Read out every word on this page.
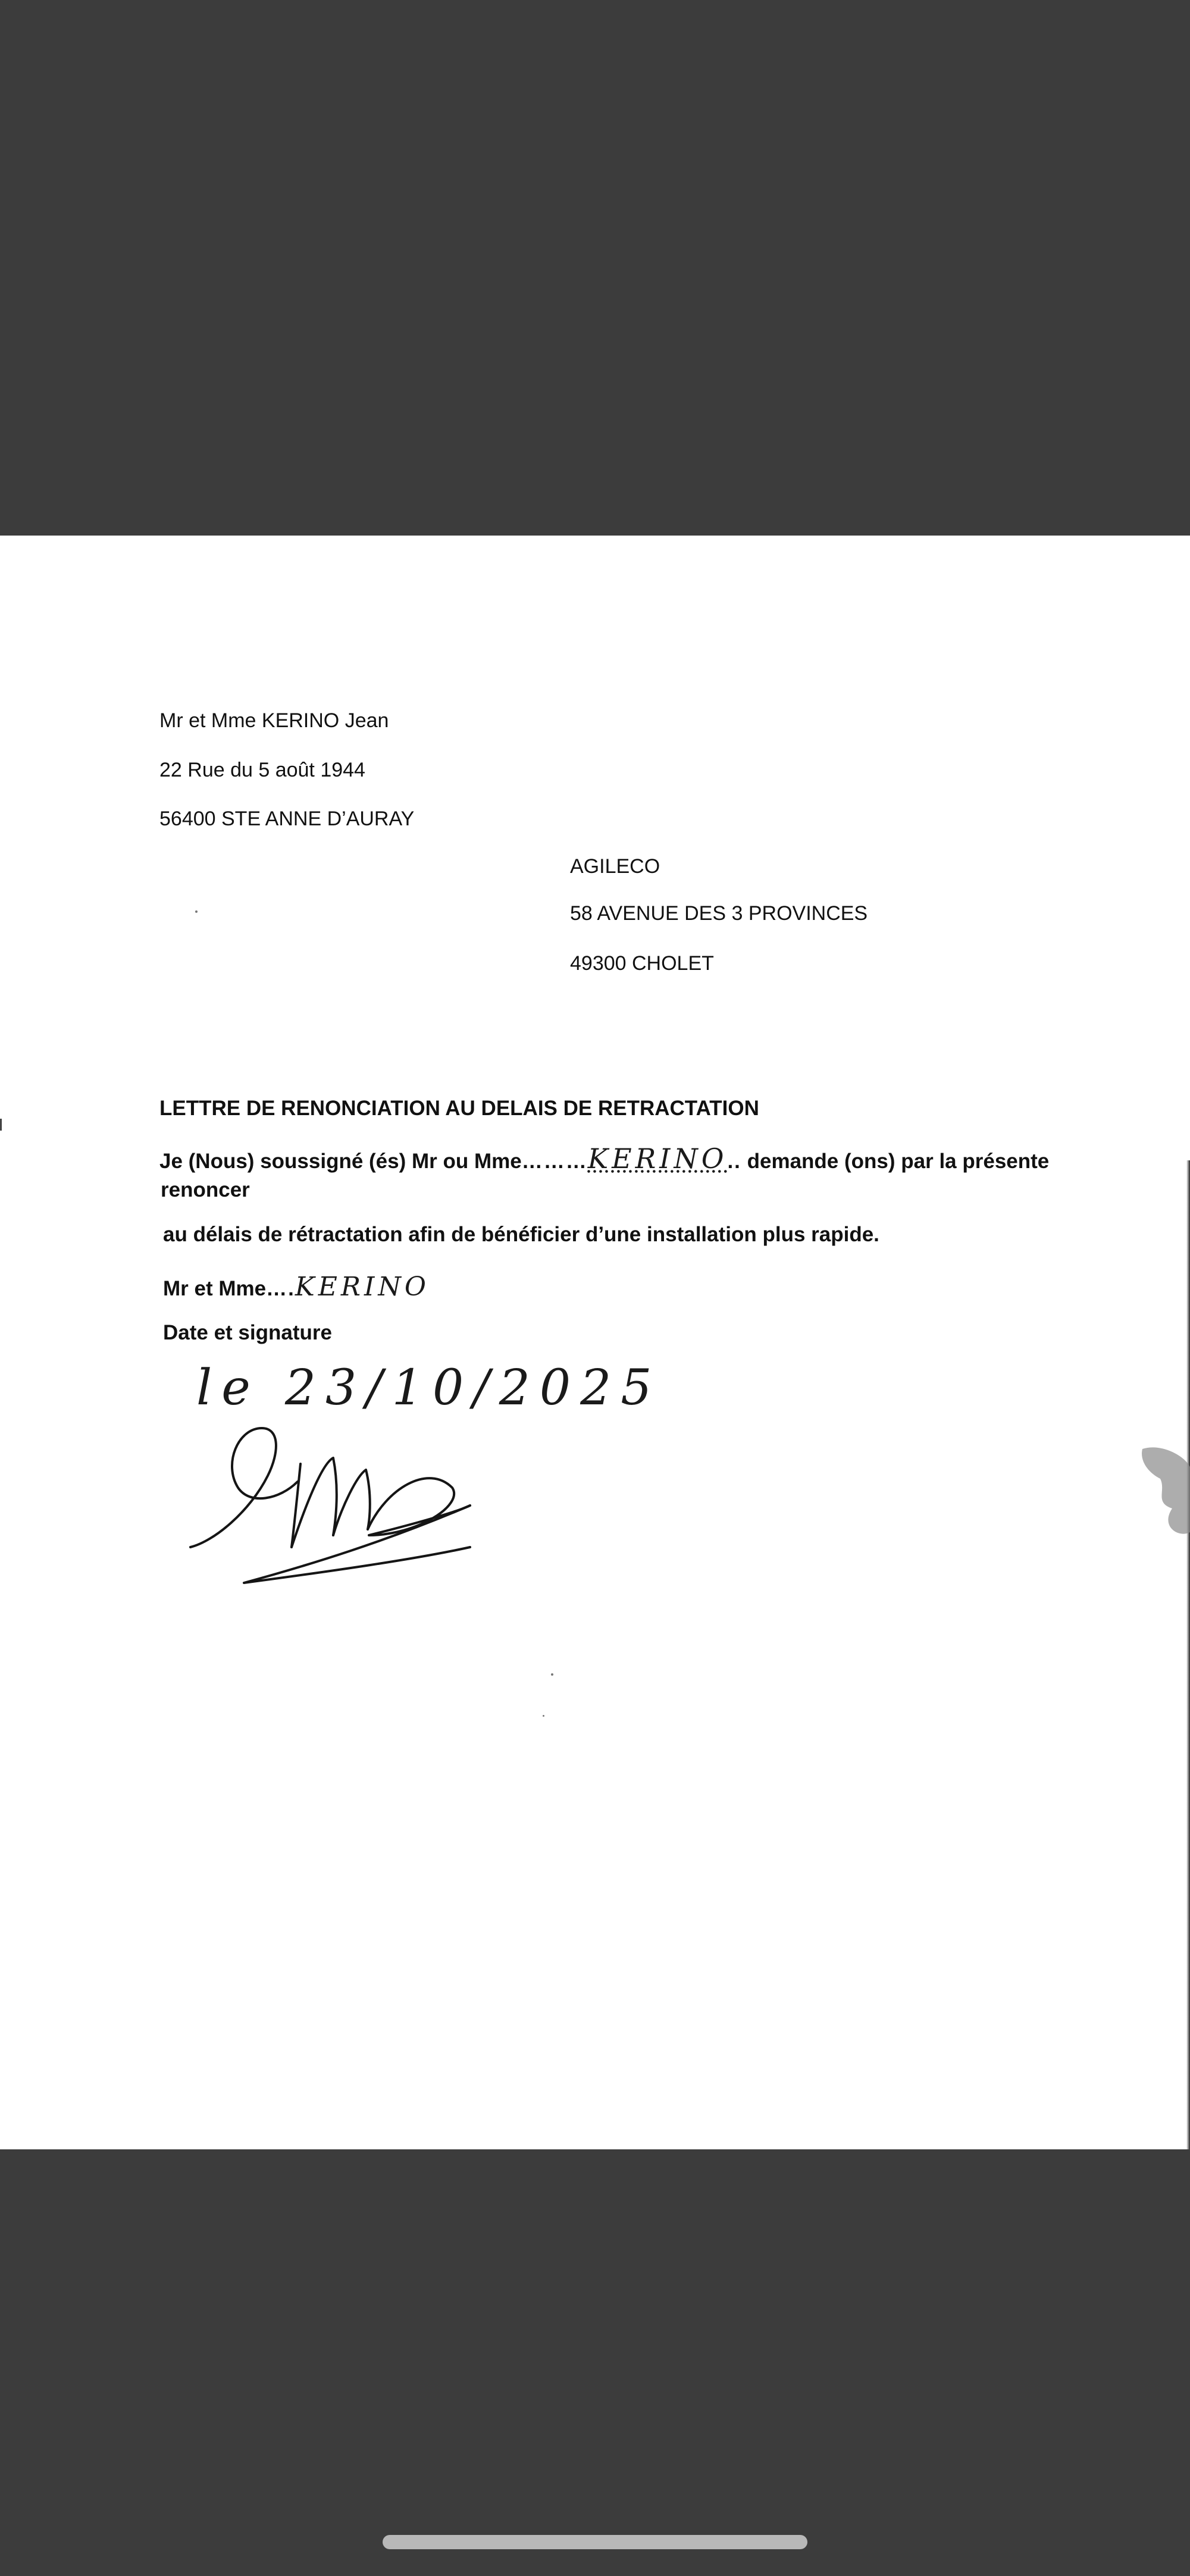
Mr et Mme KERINO Jean
22 Rue du 5 août 1944
56400 STE ANNE D’AURAY
AGILECO
58 AVENUE DES 3 PROVINCES
49300 CHOLET
LETTRE DE RENONCIATION AU DELAIS DE RETRACTATION
Je (Nous) soussigné (és) Mr ou Mme………KERINO.. demande (ons) par la présente
renoncer
au délais de rétractation afin de bénéficier d’une installation plus rapide.
Mr et Mme….KERINO
Date et signature
le 23/10/2025
